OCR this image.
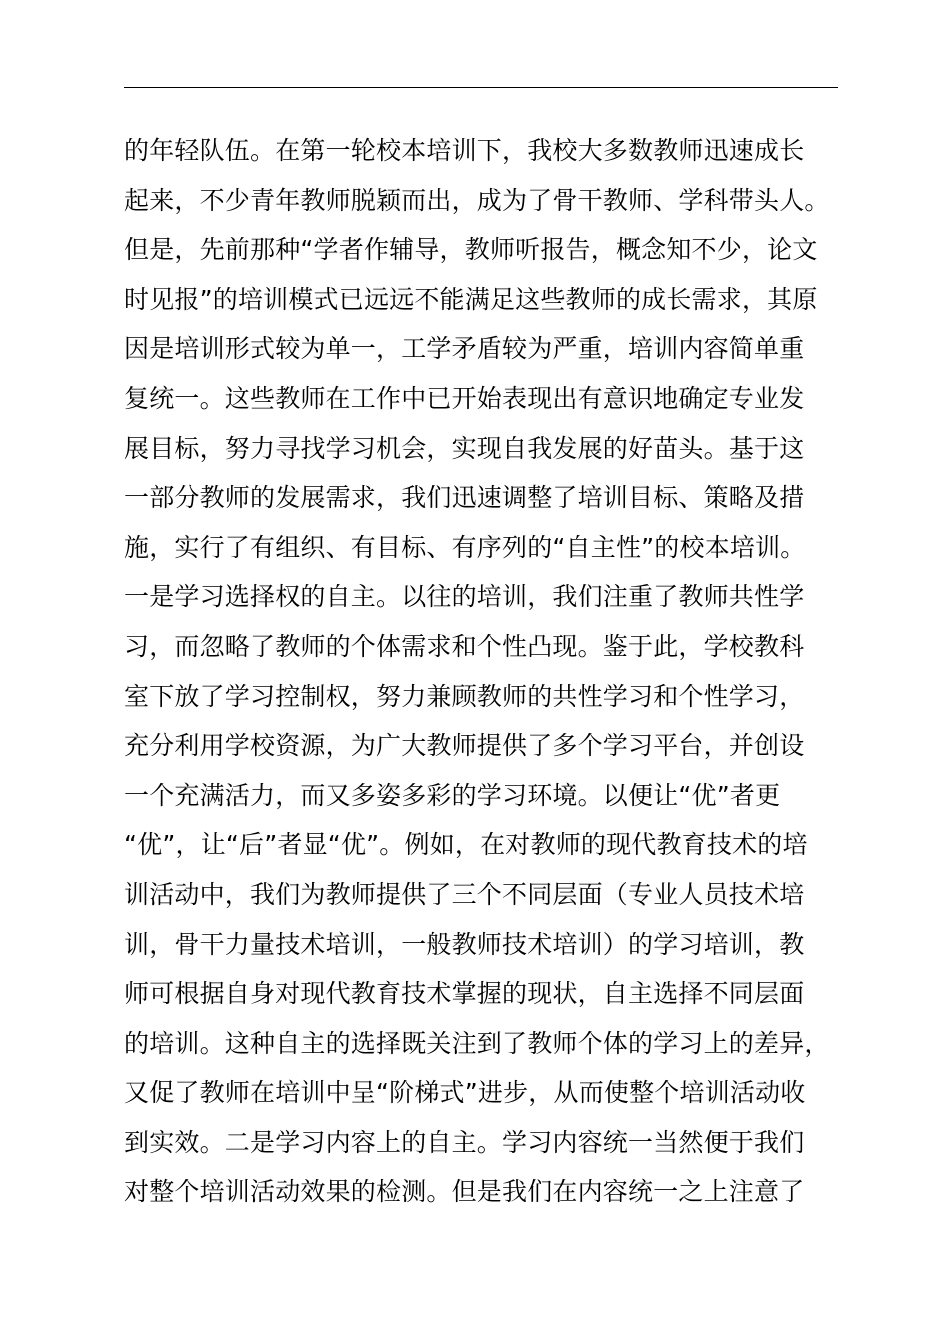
的年轻队伍。在第一轮校本培训下，我校大多数教师迅速成长
起来，不少青年教师脱颖而出，成为了骨干教师、学科带头人。
但是，先前那种“学者作辅导，教师听报告，概念知不少，论文
时见报”的培训模式已远远不能满足这些教师的成长需求，其原
因是培训形式较为单一，工学矛盾较为严重，培训内容简单重
复统一。这些教师在工作中已开始表现出有意识地确定专业发
展目标，努力寻找学习机会，实现自我发展的好苗头。基于这
一部分教师的发展需求，我们迅速调整了培训目标、策略及措
施，实行了有组织、有目标、有序列的“自主性”的校本培训。
一是学习选择权的自主。以往的培训，我们注重了教师共性学
习，而忽略了教师的个体需求和个性凸现。鉴于此，学校教科
室下放了学习控制权，努力兼顾教师的共性学习和个性学习，
充分利用学校资源，为广大教师提供了多个学习平台，并创设
一个充满活力，而又多姿多彩的学习环境。以便让“优”者更
“优”，让“后”者显“优”。例如，在对教师的现代教育技术的培
训活动中，我们为教师提供了三个不同层面（专业人员技术培
训，骨干力量技术培训，一般教师技术培训）的学习培训，教
师可根据自身对现代教育技术掌握的现状，自主选择不同层面
的培训。这种自主的选择既关注到了教师个体的学习上的差异，
又促了教师在培训中呈“阶梯式”进步，从而使整个培训活动收
到实效。二是学习内容上的自主。学习内容统一当然便于我们
对整个培训活动效果的检测。但是我们在内容统一之上注意了
